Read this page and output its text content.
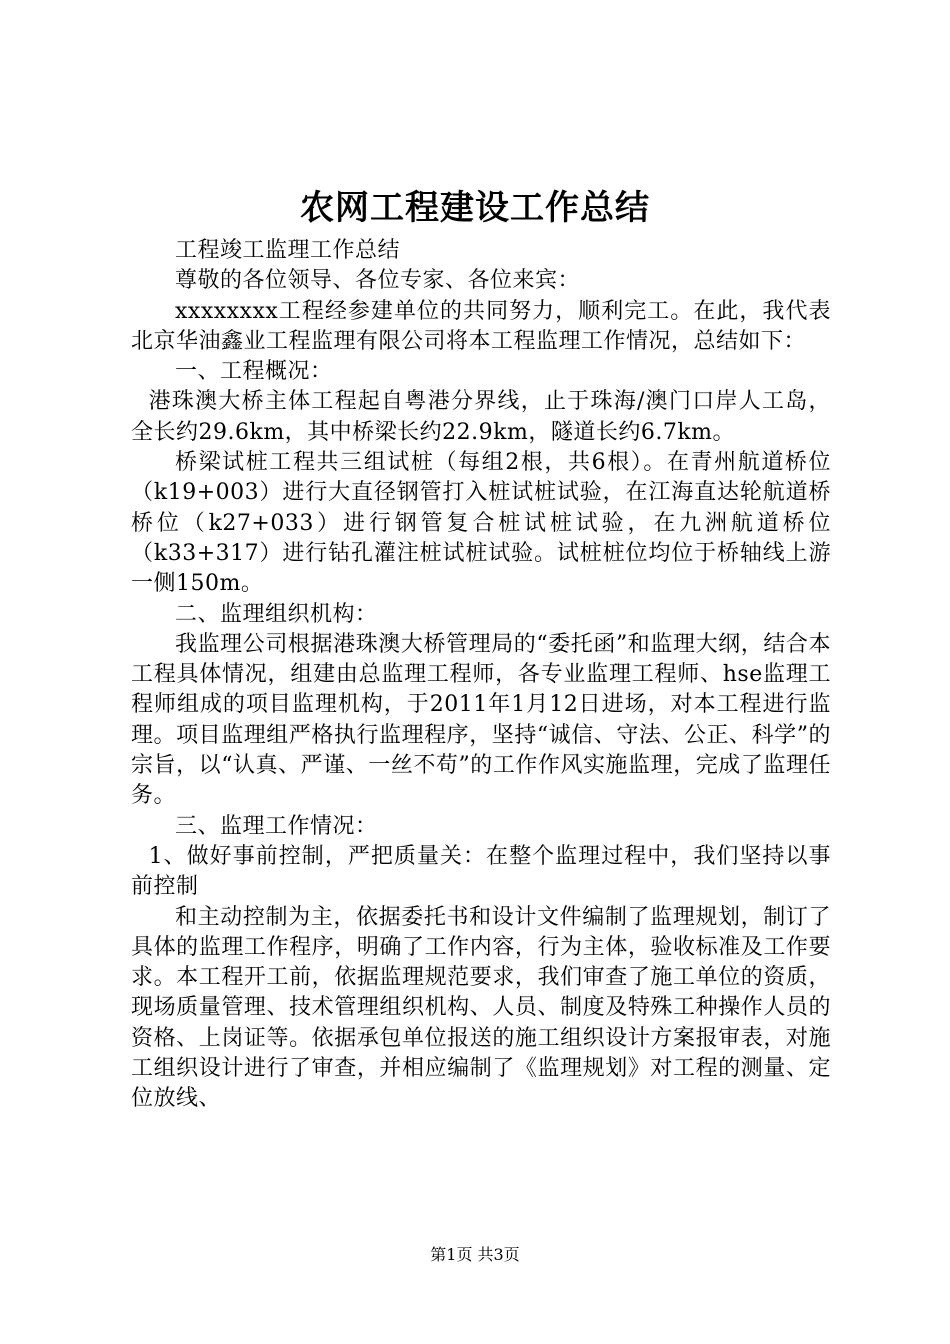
农网工程建设工作总结

工程竣工监理工作总结

尊敬的各位领导、各位专家、各位来宾：

xxxxxxxx工程经参建单位的共同努力，顺利完工。在此，我代表北京华油鑫业工程监理有限公司将本工程监理工作情况，总结如下：

一、工程概况：

港珠澳大桥主体工程起自粤港分界线，止于珠海/澳门口岸人工岛，全长约29.6km，其中桥梁长约22.9km，隧道长约6.7km。

桥梁试桩工程共三组试桩（每组2根，共6根）。在青州航道桥位（k19+003）进行大直径钢管打入桩试桩试验，在江海直达轮航道桥桥位（k27+033）进行钢管复合桩试桩试验，在九洲航道桥位（k33+317）进行钻孔灌注桩试桩试验。试桩桩位均位于桥轴线上游一侧150m。

二、监理组织机构：

我监理公司根据港珠澳大桥管理局的“委托函”和监理大纲，结合本工程具体情况，组建由总监理工程师，各专业监理工程师、hse监理工程师组成的项目监理机构，于2011年1月12日进场，对本工程进行监理。项目监理组严格执行监理程序，坚持“诚信、守法、公正、科学”的宗旨，以“认真、严谨、一丝不苟”的工作作风实施监理，完成了监理任务。

三、监理工作情况：

1、做好事前控制，严把质量关：在整个监理过程中，我们坚持以事前控制

和主动控制为主，依据委托书和设计文件编制了监理规划，制订了具体的监理工作程序，明确了工作内容，行为主体，验收标准及工作要求。本工程开工前，依据监理规范要求，我们审查了施工单位的资质，现场质量管理、技术管理组织机构、人员、制度及特殊工种操作人员的资格、上岗证等。依据承包单位报送的施工组织设计方案报审表，对施工组织设计进行了审查，并相应编制了《监理规划》对工程的测量、定位放线、

第1页 共3页
